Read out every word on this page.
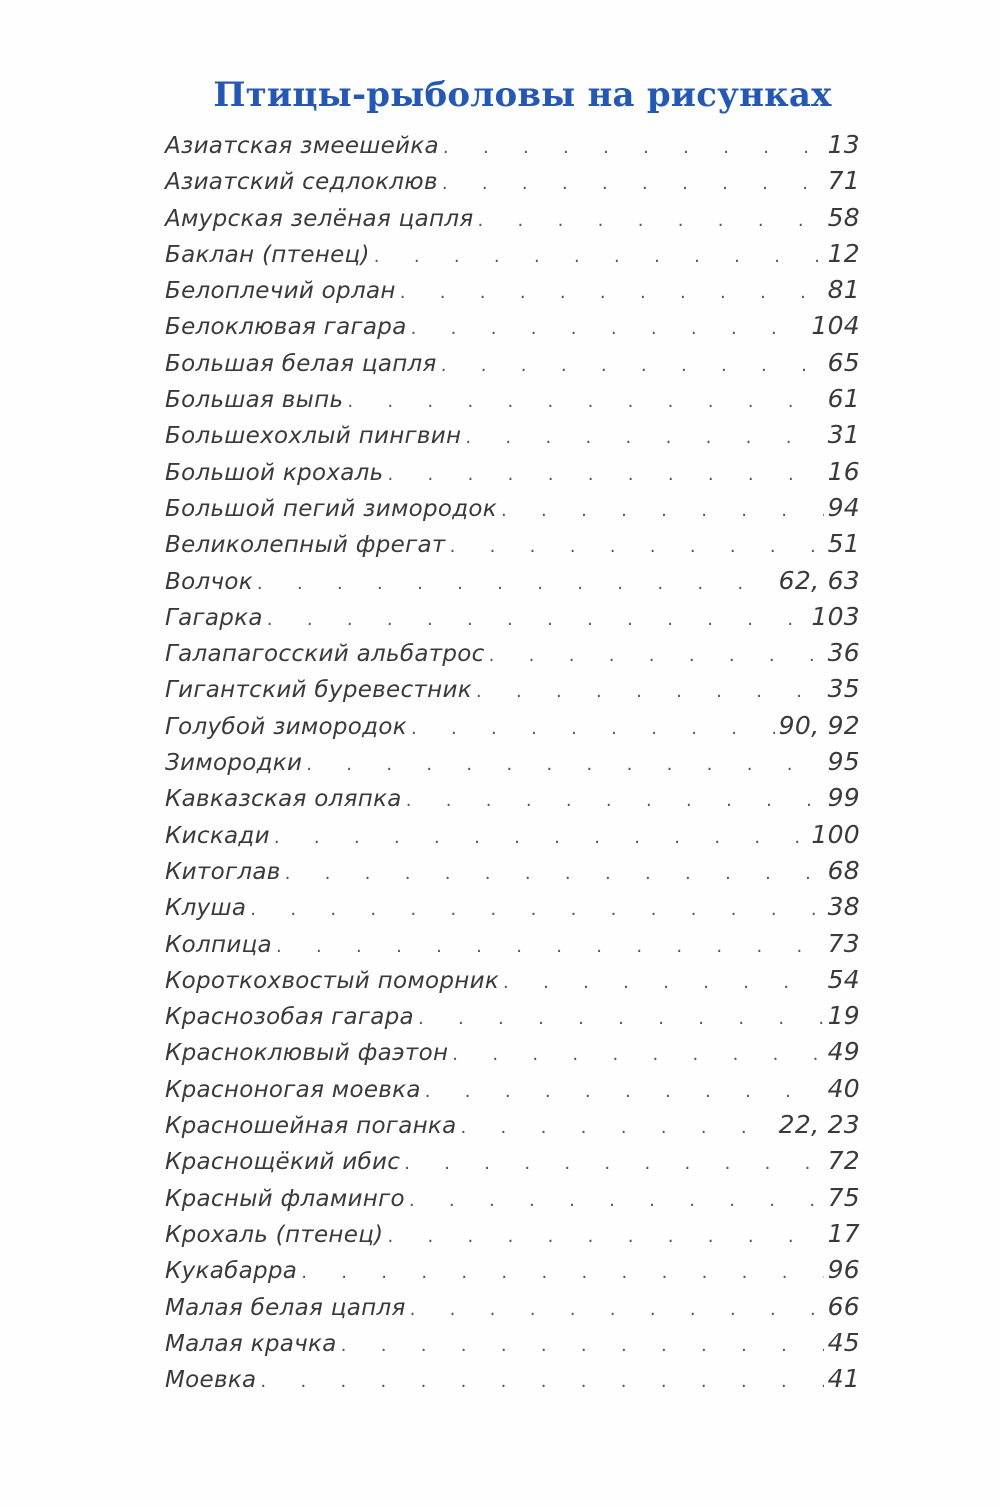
Птицы-рыболовы на рисунках
Азиатская змеешейка . . .	13
Азиатский седлоклюв . . .	71
Амурская зелёная цапля . . .	58
Баклан (птенец) . . .	12
Белоплечий орлан . . .	81
Белоклювая гагара . . .	104
Большая белая цапля . . .	65
Большая выпь . . .	61
Большехохлый пингвин . . .	31
Большой крохаль . . .	16
Большой пегий зимородок . . .	94
Великолепный фрегат . . .	51
Волчок . . .	62, 63
Гагарка . . .	103
Галапагосский альбатрос . . .	36
Гигантский буревестник . . .	35
Голубой зимородок . . .	90, 92
Зимородки . . .	95
Кавказская оляпка . . .	99
Кискади . . .	100
Китоглав . . .	68
Клуша . . .	38
Колпица . . .	73
Короткохвостый поморник . . .	54
Краснозобая гагара . . .	19
Красноклювый фаэтон . . .	49
Красноногая моевка . . .	40
Красношейная поганка . . .	22, 23
Краснощёкий ибис . . .	72
Красный фламинго . . .	75
Крохаль (птенец) . . .	17
Кукабарра . . .	96
Малая белая цапля . . .	66
Малая крачка . . .	45
Моевка . . .	41
